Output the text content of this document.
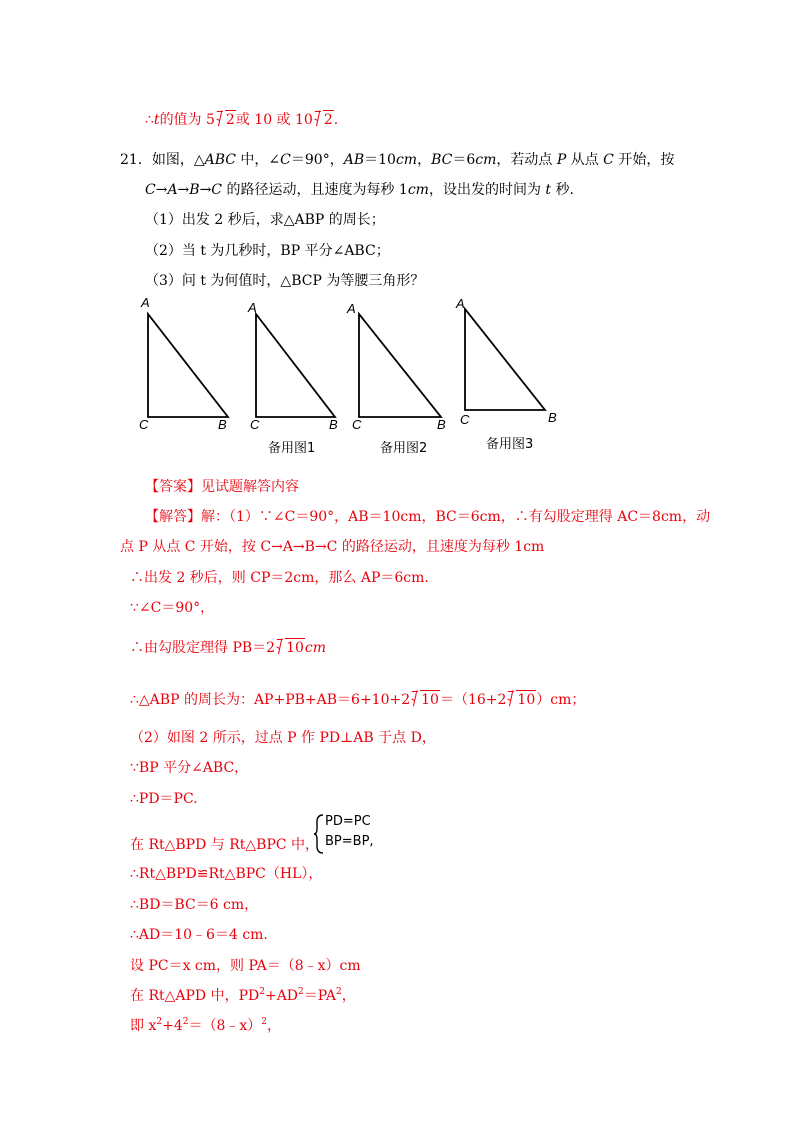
∴t的值为 5 2或 10 或 10 2.
21．如图，△ABC 中，∠C＝90°，AB＝10cm，BC＝6cm，若动点 P 从点 C 开始，按
C→A→B→C 的路径运动，且速度为每秒 1cm，设出发的时间为 t 秒.
（1）出发 2 秒后，求△ABP 的周长；
（2）当 t 为几秒时，BP 平分∠ABC；
（3）问 t 为何值时，△BCP 为等腰三角形？
A
C	B
A
C	B
备用图1
A
C	B
备用图2
A
C	B
备用图3
【答案】见试题解答内容
【解答】解：（1）∵∠C＝90°，AB＝10cm，BC＝6cm，∴有勾股定理得 AC＝8cm，动
点 P 从点 C 开始，按 C→A→B→C 的路径运动，且速度为每秒 1cm
∴出发 2 秒后，则 CP＝2cm，那么 AP＝6cm.
∵∠C＝90°，
∴由勾股定理得 PB＝2 10cm
∴△ABP 的周长为：AP+PB+AB＝6+10+2 10＝（16+2 10）cm；
（2）如图 2 所示，过点 P 作 PD⊥AB 于点 D，
∵BP 平分∠ABC，
∴PD＝PC.
在 Rt△BPD 与 Rt△BPC 中，
PD=PC
BP=BP,
∴Rt△BPD≌Rt△BPC（HL），
∴BD＝BC＝6 cm，
∴AD＝10﹣6＝4 cm.
设 PC＝x cm，则 PA＝（8﹣x）cm
在 Rt△APD 中，$PD^2+AD^2=PA^2$，
即 $x^2+4^2=(8﹣x)^2$，
